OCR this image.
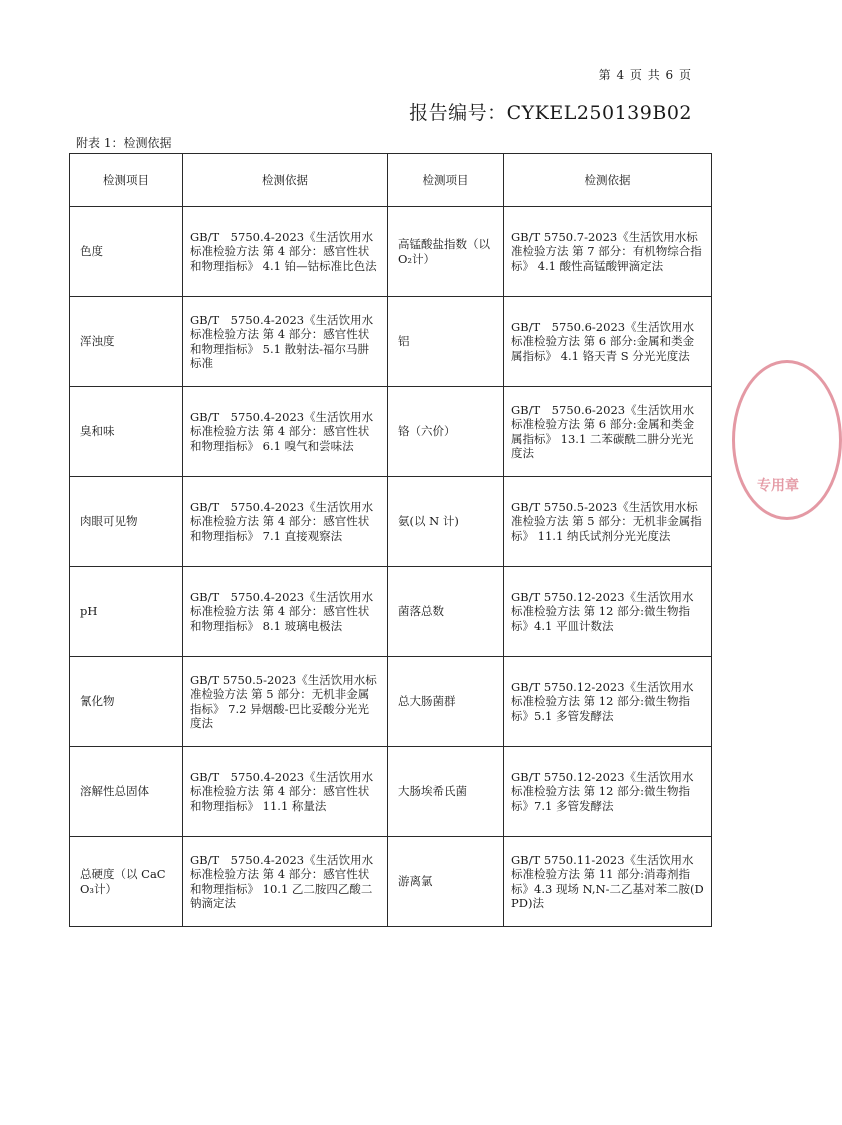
第 4 页 共 6 页
报告编号：CYKEL250139B02
附表 1：检测依据
检测项目	检测依据	检测项目	检测依据
色度	GB/T　5750.4-2023《生活饮用水标准检验方法 第 4 部分：感官性状和物理指标》 4.1 铂—钴标准比色法	高锰酸盐指数（以O₂计）	GB/T 5750.7-2023《生活饮用水标准检验方法 第 7 部分：有机物综合指标》 4.1 酸性高锰酸钾滴定法
浑浊度	GB/T　5750.4-2023《生活饮用水标准检验方法 第 4 部分：感官性状和物理指标》 5.1 散射法-福尔马肼标准	铝	GB/T　5750.6-2023《生活饮用水标准检验方法 第 6 部分:金属和类金属指标》 4.1 铬天青 S 分光光度法
臭和味	GB/T　5750.4-2023《生活饮用水标准检验方法 第 4 部分：感官性状和物理指标》 6.1 嗅气和尝味法	铬（六价）	GB/T　5750.6-2023《生活饮用水标准检验方法 第 6 部分:金属和类金属指标》 13.1 二苯碳酰二肼分光光度法
肉眼可见物	GB/T　5750.4-2023《生活饮用水标准检验方法 第 4 部分：感官性状和物理指标》 7.1 直接观察法	氨(以 N 计)	GB/T 5750.5-2023《生活饮用水标准检验方法 第 5 部分：无机非金属指标》 11.1 纳氏试剂分光光度法
pH	GB/T　5750.4-2023《生活饮用水标准检验方法 第 4 部分：感官性状和物理指标》 8.1 玻璃电极法	菌落总数	GB/T 5750.12-2023《生活饮用水标准检验方法 第 12 部分:微生物指标》4.1 平皿计数法
氰化物	GB/T 5750.5-2023《生活饮用水标准检验方法 第 5 部分：无机非金属指标》 7.2 异烟酸-巴比妥酸分光光度法	总大肠菌群	GB/T 5750.12-2023《生活饮用水标准检验方法 第 12 部分:微生物指标》5.1 多管发酵法
溶解性总固体	GB/T　5750.4-2023《生活饮用水标准检验方法 第 4 部分：感官性状和物理指标》 11.1 称量法	大肠埃希氏菌	GB/T 5750.12-2023《生活饮用水标准检验方法 第 12 部分:微生物指标》7.1 多管发酵法
总硬度（以 CaCO₃计）	GB/T　5750.4-2023《生活饮用水标准检验方法 第 4 部分：感官性状和物理指标》 10.1 乙二胺四乙酸二钠滴定法	游离氯	GB/T 5750.11-2023《生活饮用水标准检验方法 第 11 部分:消毒剂指标》4.3 现场 N,N-二乙基对苯二胺(DPD)法
专用章
